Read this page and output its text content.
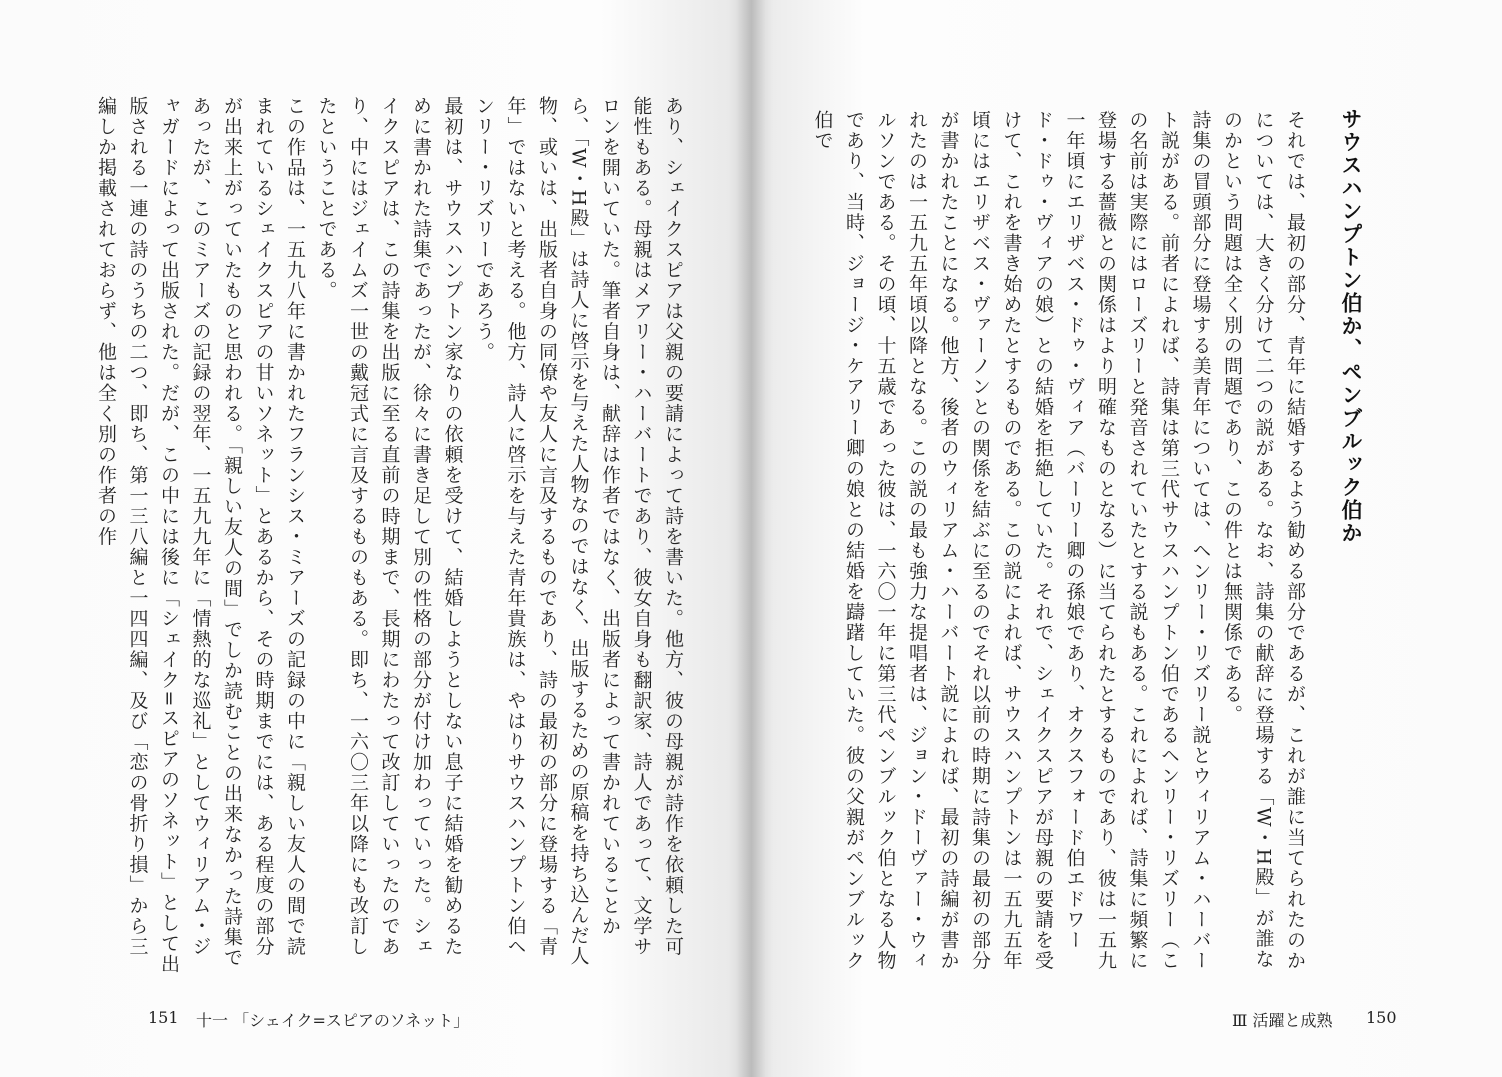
あり、シェイクスピアは父親の要請によって詩を書いた。他方、彼の母親が詩作を依頼した可能性もある。母親はメアリー・ハーバートであり、彼女自身も翻訳家、詩人であって、文学サロンを開いていた。筆者自身は、献辞は作者ではなく、出版者によって書かれていることから、「W・H殿」は詩人に啓示を与えた人物なのではなく、出版するための原稿を持ち込んだ人物、或いは、出版者自身の同僚や友人に言及するものであり、詩の最初の部分に登場する「青年」ではないと考える。他方、詩人に啓示を与えた青年貴族は、やはりサウスハンプトン伯ヘンリー・リズリーであろう。

最初は、サウスハンプトン家なりの依頼を受けて、結婚しようとしない息子に結婚を勧めるために書かれた詩集であったが、徐々に書き足して別の性格の部分が付け加わっていった。シェイクスピアは、この詩集を出版に至る直前の時期まで、長期にわたって改訂していったのであり、中にはジェイムズ一世の戴冠式に言及するものもある。即ち、一六〇三年以降にも改訂したということである。

この作品は、一五九八年に書かれたフランシス・ミアーズの記録の中に「親しい友人の間で読まれているシェイクスピアの甘いソネット」とあるから、その時期までには、ある程度の部分が出来上がっていたものと思われる。「親しい友人の間」でしか読むことの出来なかった詩集であったが、このミアーズの記録の翌年、一五九九年に「情熱的な巡礼」としてウィリアム・ジャガードによって出版された。だが、この中には後に「シェイク=スピアのソネット」として出版される一連の詩のうちの二つ、即ち、第一三八編と一四四編、及び「恋の骨折り損」から三編しか掲載されておらず、他は全く別の作者の作

151 十一 「シェイク=スピアのソネット」
サウスハンプトン伯か、ペンブルック伯か

それでは、最初の部分、青年に結婚するよう勧める部分であるが、これが誰に当てられたのかについては、大きく分けて二つの説がある。なお、詩集の献辞に登場する「W・H殿」が誰なのかという問題は全く別の問題であり、この件とは無関係である。

詩集の冒頭部分に登場する美青年については、ヘンリー・リズリー説とウィリアム・ハーバート説がある。前者によれば、詩集は第三代サウスハンプトン伯であるヘンリー・リズリー（この名前は実際にはローズリーと発音されていたとする説もある。これによれば、詩集に頻繁に登場する薔薇との関係はより明確なものとなる）に当てられたとするものであり、彼は一五九一年頃にエリザベス・ドゥ・ヴィア（バーリー卿の孫娘であり、オクスフォード伯エドワード・ドゥ・ヴィアの娘）との結婚を拒絶していた。それで、シェイクスピアが母親の要請を受けて、これを書き始めたとするものである。この説によれば、サウスハンプトンは一五九五年頃にはエリザベス・ヴァーノンとの関係を結ぶに至るのでそれ以前の時期に詩集の最初の部分が書かれたことになる。他方、後者のウィリアム・ハーバート説によれば、最初の詩編が書かれたのは一五九五年頃以降となる。この説の最も強力な提唱者は、ジョン・ドーヴァー・ウィルソンである。その頃、十五歳であった彼は、一六〇一年に第三代ペンブルック伯となる人物であり、当時、ジョージ・ケアリー卿の娘との結婚を躊躇していた。彼の父親がペンブルック伯で

Ⅲ 活躍と成熟 150
